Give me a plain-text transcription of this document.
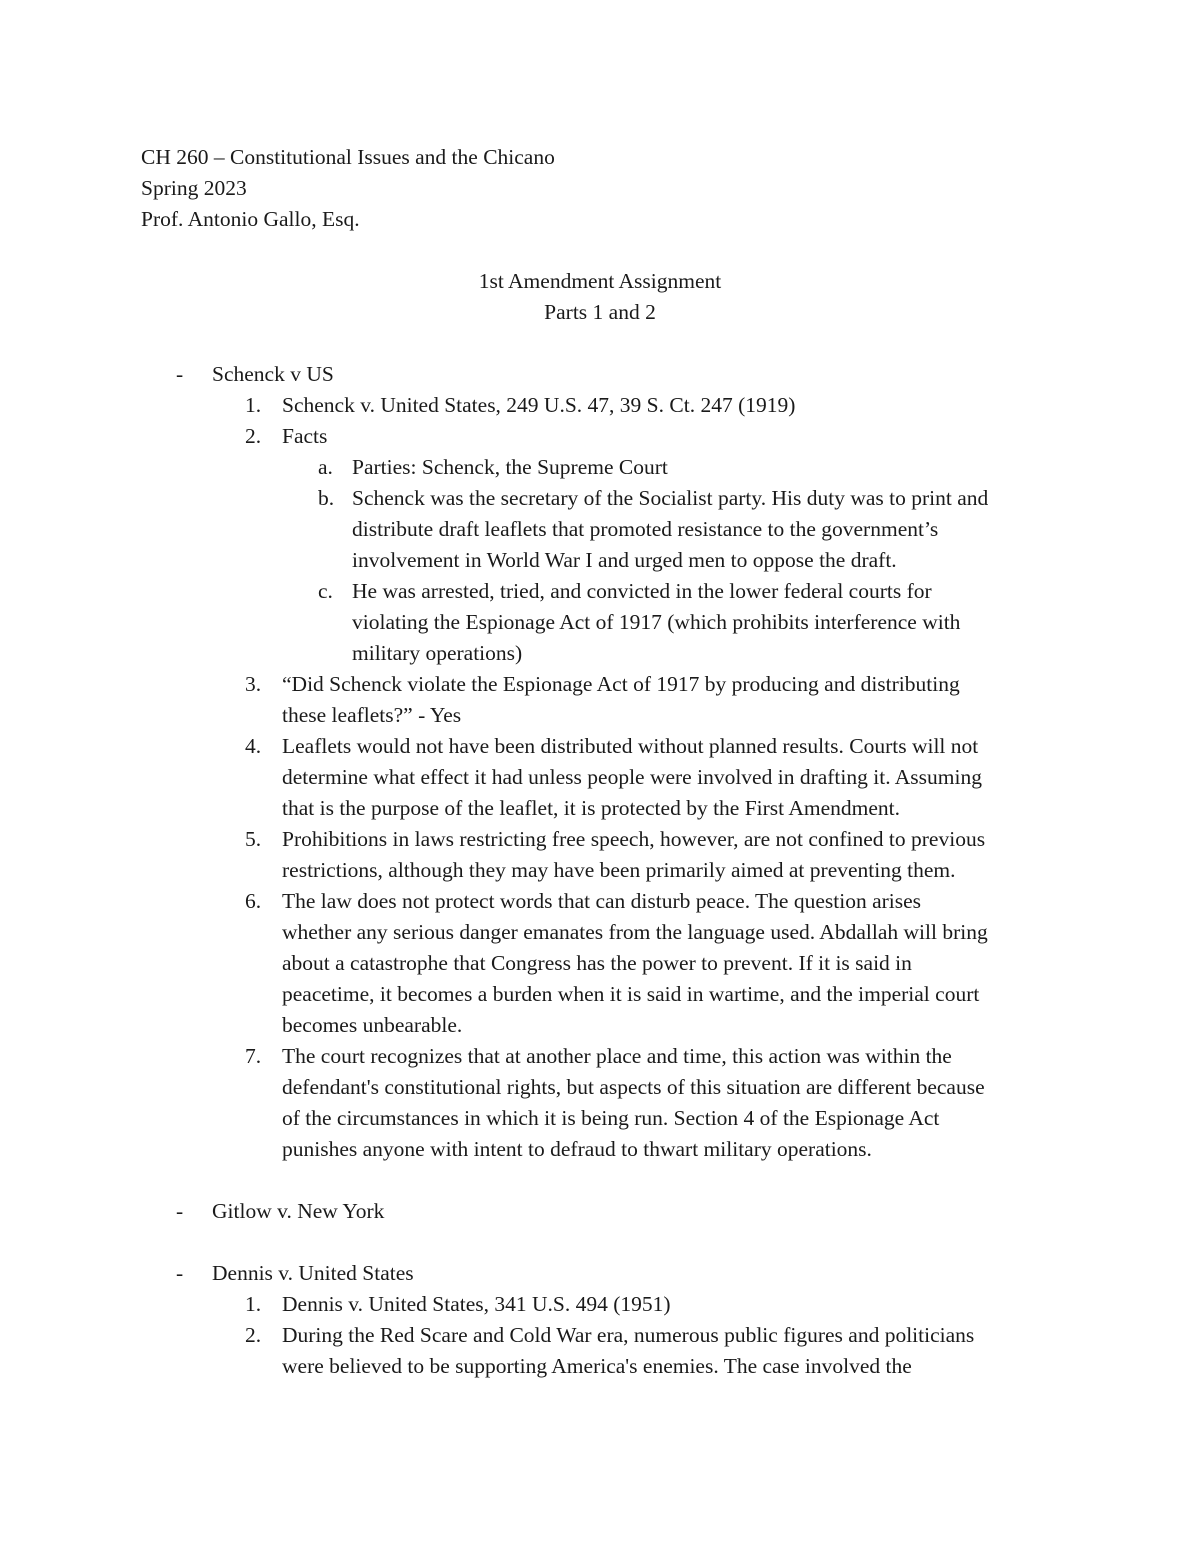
CH 260 – Constitutional Issues and the Chicano
Spring 2023
Prof. Antonio Gallo, Esq.
1st Amendment Assignment
Parts 1 and 2
- Schenck v US
1. Schenck v. United States, 249 U.S. 47, 39 S. Ct. 247 (1919)
2. Facts
a. Parties: Schenck, the Supreme Court
b. Schenck was the secretary of the Socialist party. His duty was to print and
distribute draft leaflets that promoted resistance to the government’s
involvement in World War I and urged men to oppose the draft.
c. He was arrested, tried, and convicted in the lower federal courts for
violating the Espionage Act of 1917 (which prohibits interference with
military operations)
3. “Did Schenck violate the Espionage Act of 1917 by producing and distributing
these leaflets?” - Yes
4. Leaflets would not have been distributed without planned results. Courts will not
determine what effect it had unless people were involved in drafting it. Assuming
that is the purpose of the leaflet, it is protected by the First Amendment.
5. Prohibitions in laws restricting free speech, however, are not confined to previous
restrictions, although they may have been primarily aimed at preventing them.
6. The law does not protect words that can disturb peace. The question arises
whether any serious danger emanates from the language used. Abdallah will bring
about a catastrophe that Congress has the power to prevent. If it is said in
peacetime, it becomes a burden when it is said in wartime, and the imperial court
becomes unbearable.
7. The court recognizes that at another place and time, this action was within the
defendant's constitutional rights, but aspects of this situation are different because
of the circumstances in which it is being run. Section 4 of the Espionage Act
punishes anyone with intent to defraud to thwart military operations.
- Gitlow v. New York
- Dennis v. United States
1. Dennis v. United States, 341 U.S. 494 (1951)
2. During the Red Scare and Cold War era, numerous public figures and politicians
were believed to be supporting America's enemies. The case involved the
